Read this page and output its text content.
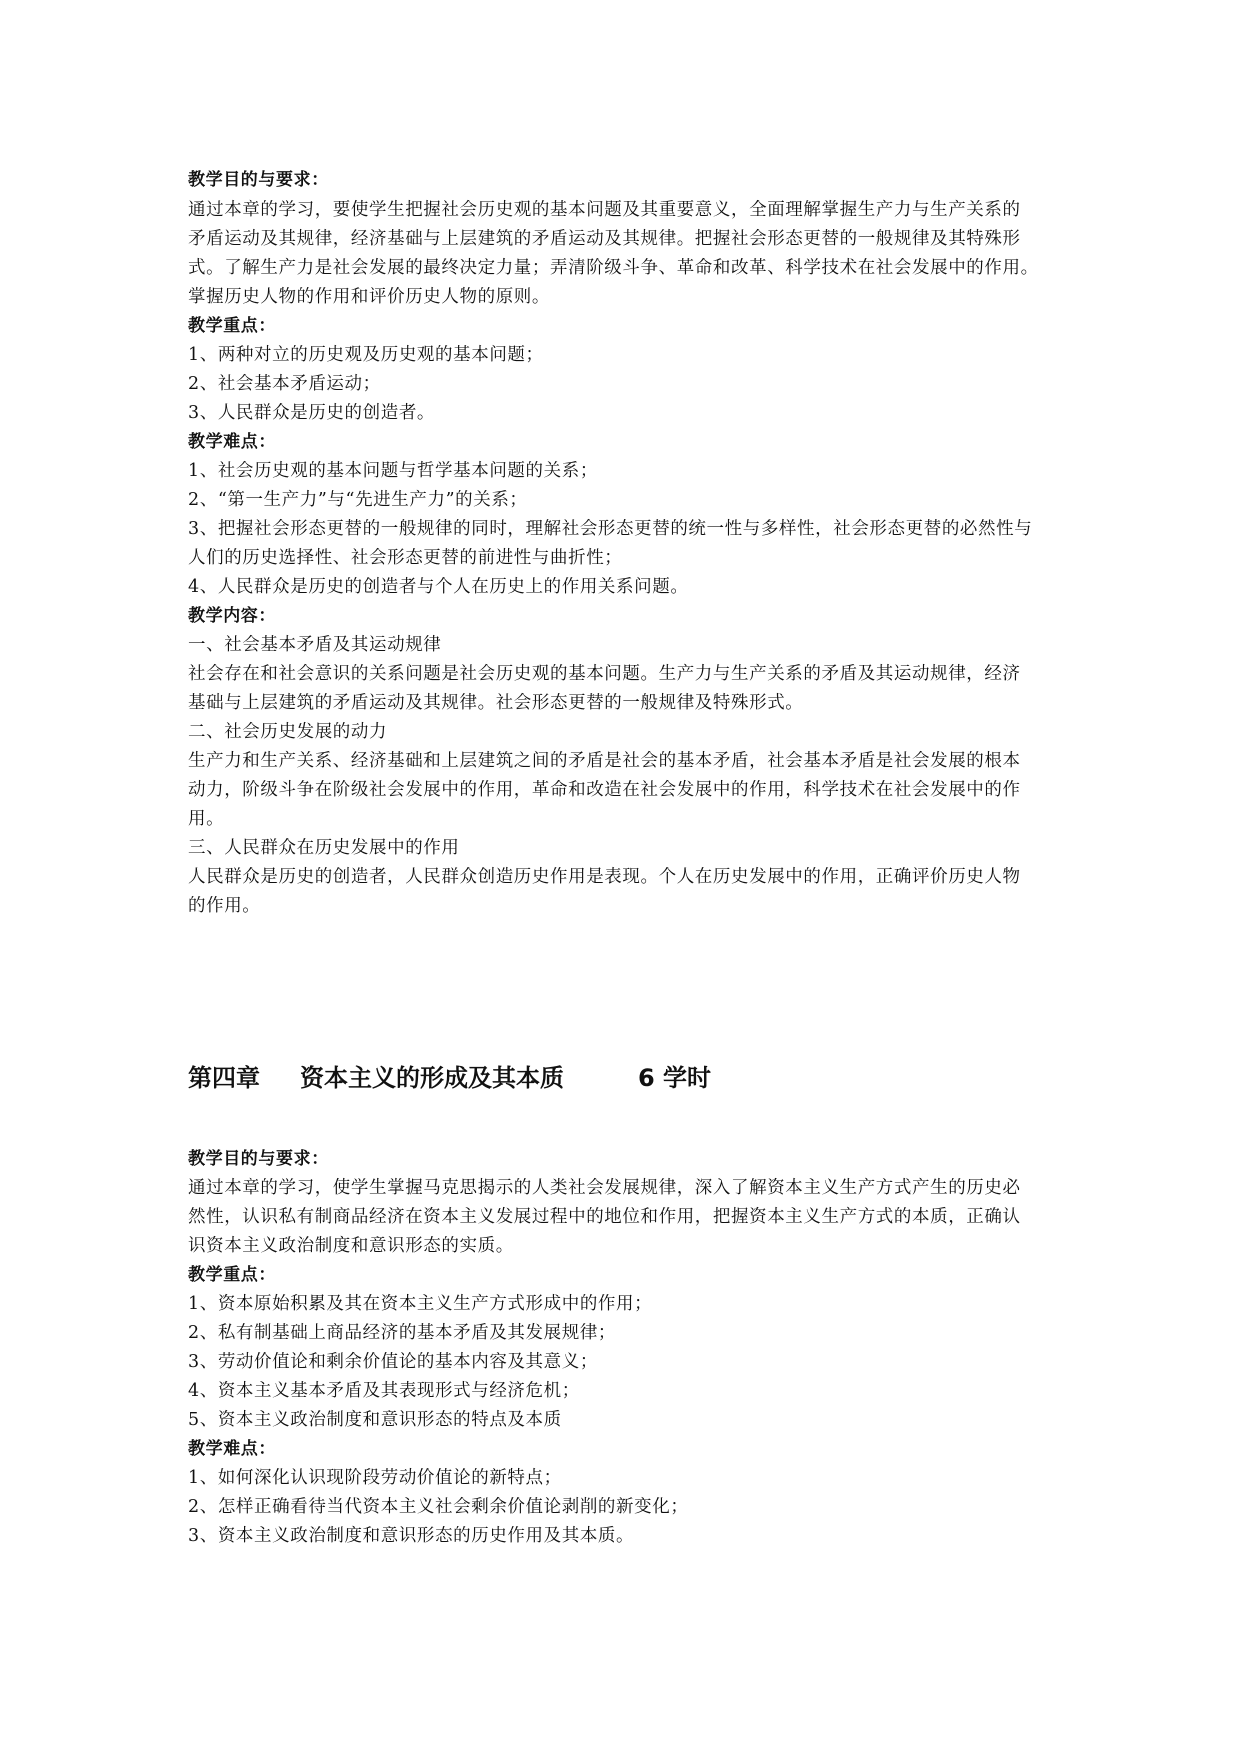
教学目的与要求：
通过本章的学习，要使学生把握社会历史观的基本问题及其重要意义，全面理解掌握生产力与生产关系的
矛盾运动及其规律，经济基础与上层建筑的矛盾运动及其规律。把握社会形态更替的一般规律及其特殊形
式。了解生产力是社会发展的最终决定力量；弄清阶级斗争、革命和改革、科学技术在社会发展中的作用。
掌握历史人物的作用和评价历史人物的原则。
教学重点：
1、两种对立的历史观及历史观的基本问题；
2、社会基本矛盾运动；
3、人民群众是历史的创造者。
教学难点：
1、社会历史观的基本问题与哲学基本问题的关系；
2、“第一生产力”与“先进生产力”的关系；
3、把握社会形态更替的一般规律的同时，理解社会形态更替的统一性与多样性，社会形态更替的必然性与
人们的历史选择性、社会形态更替的前进性与曲折性；
4、人民群众是历史的创造者与个人在历史上的作用关系问题。
教学内容：
一、社会基本矛盾及其运动规律
社会存在和社会意识的关系问题是社会历史观的基本问题。生产力与生产关系的矛盾及其运动规律，经济
基础与上层建筑的矛盾运动及其规律。社会形态更替的一般规律及特殊形式。
二、社会历史发展的动力
生产力和生产关系、经济基础和上层建筑之间的矛盾是社会的基本矛盾，社会基本矛盾是社会发展的根本
动力，阶级斗争在阶级社会发展中的作用，革命和改造在社会发展中的作用，科学技术在社会发展中的作
用。
三、人民群众在历史发展中的作用
人民群众是历史的创造者，人民群众创造历史作用是表现。个人在历史发展中的作用，正确评价历史人物
的作用。
第四章 资本主义的形成及其本质	6 学时
教学目的与要求：
通过本章的学习，使学生掌握马克思揭示的人类社会发展规律，深入了解资本主义生产方式产生的历史必
然性，认识私有制商品经济在资本主义发展过程中的地位和作用，把握资本主义生产方式的本质，正确认
识资本主义政治制度和意识形态的实质。
教学重点：
1、资本原始积累及其在资本主义生产方式形成中的作用；
2、私有制基础上商品经济的基本矛盾及其发展规律；
3、劳动价值论和剩余价值论的基本内容及其意义；
4、资本主义基本矛盾及其表现形式与经济危机；
5、资本主义政治制度和意识形态的特点及本质
教学难点：
1、如何深化认识现阶段劳动价值论的新特点；
2、怎样正确看待当代资本主义社会剩余价值论剥削的新变化；
3、资本主义政治制度和意识形态的历史作用及其本质。
